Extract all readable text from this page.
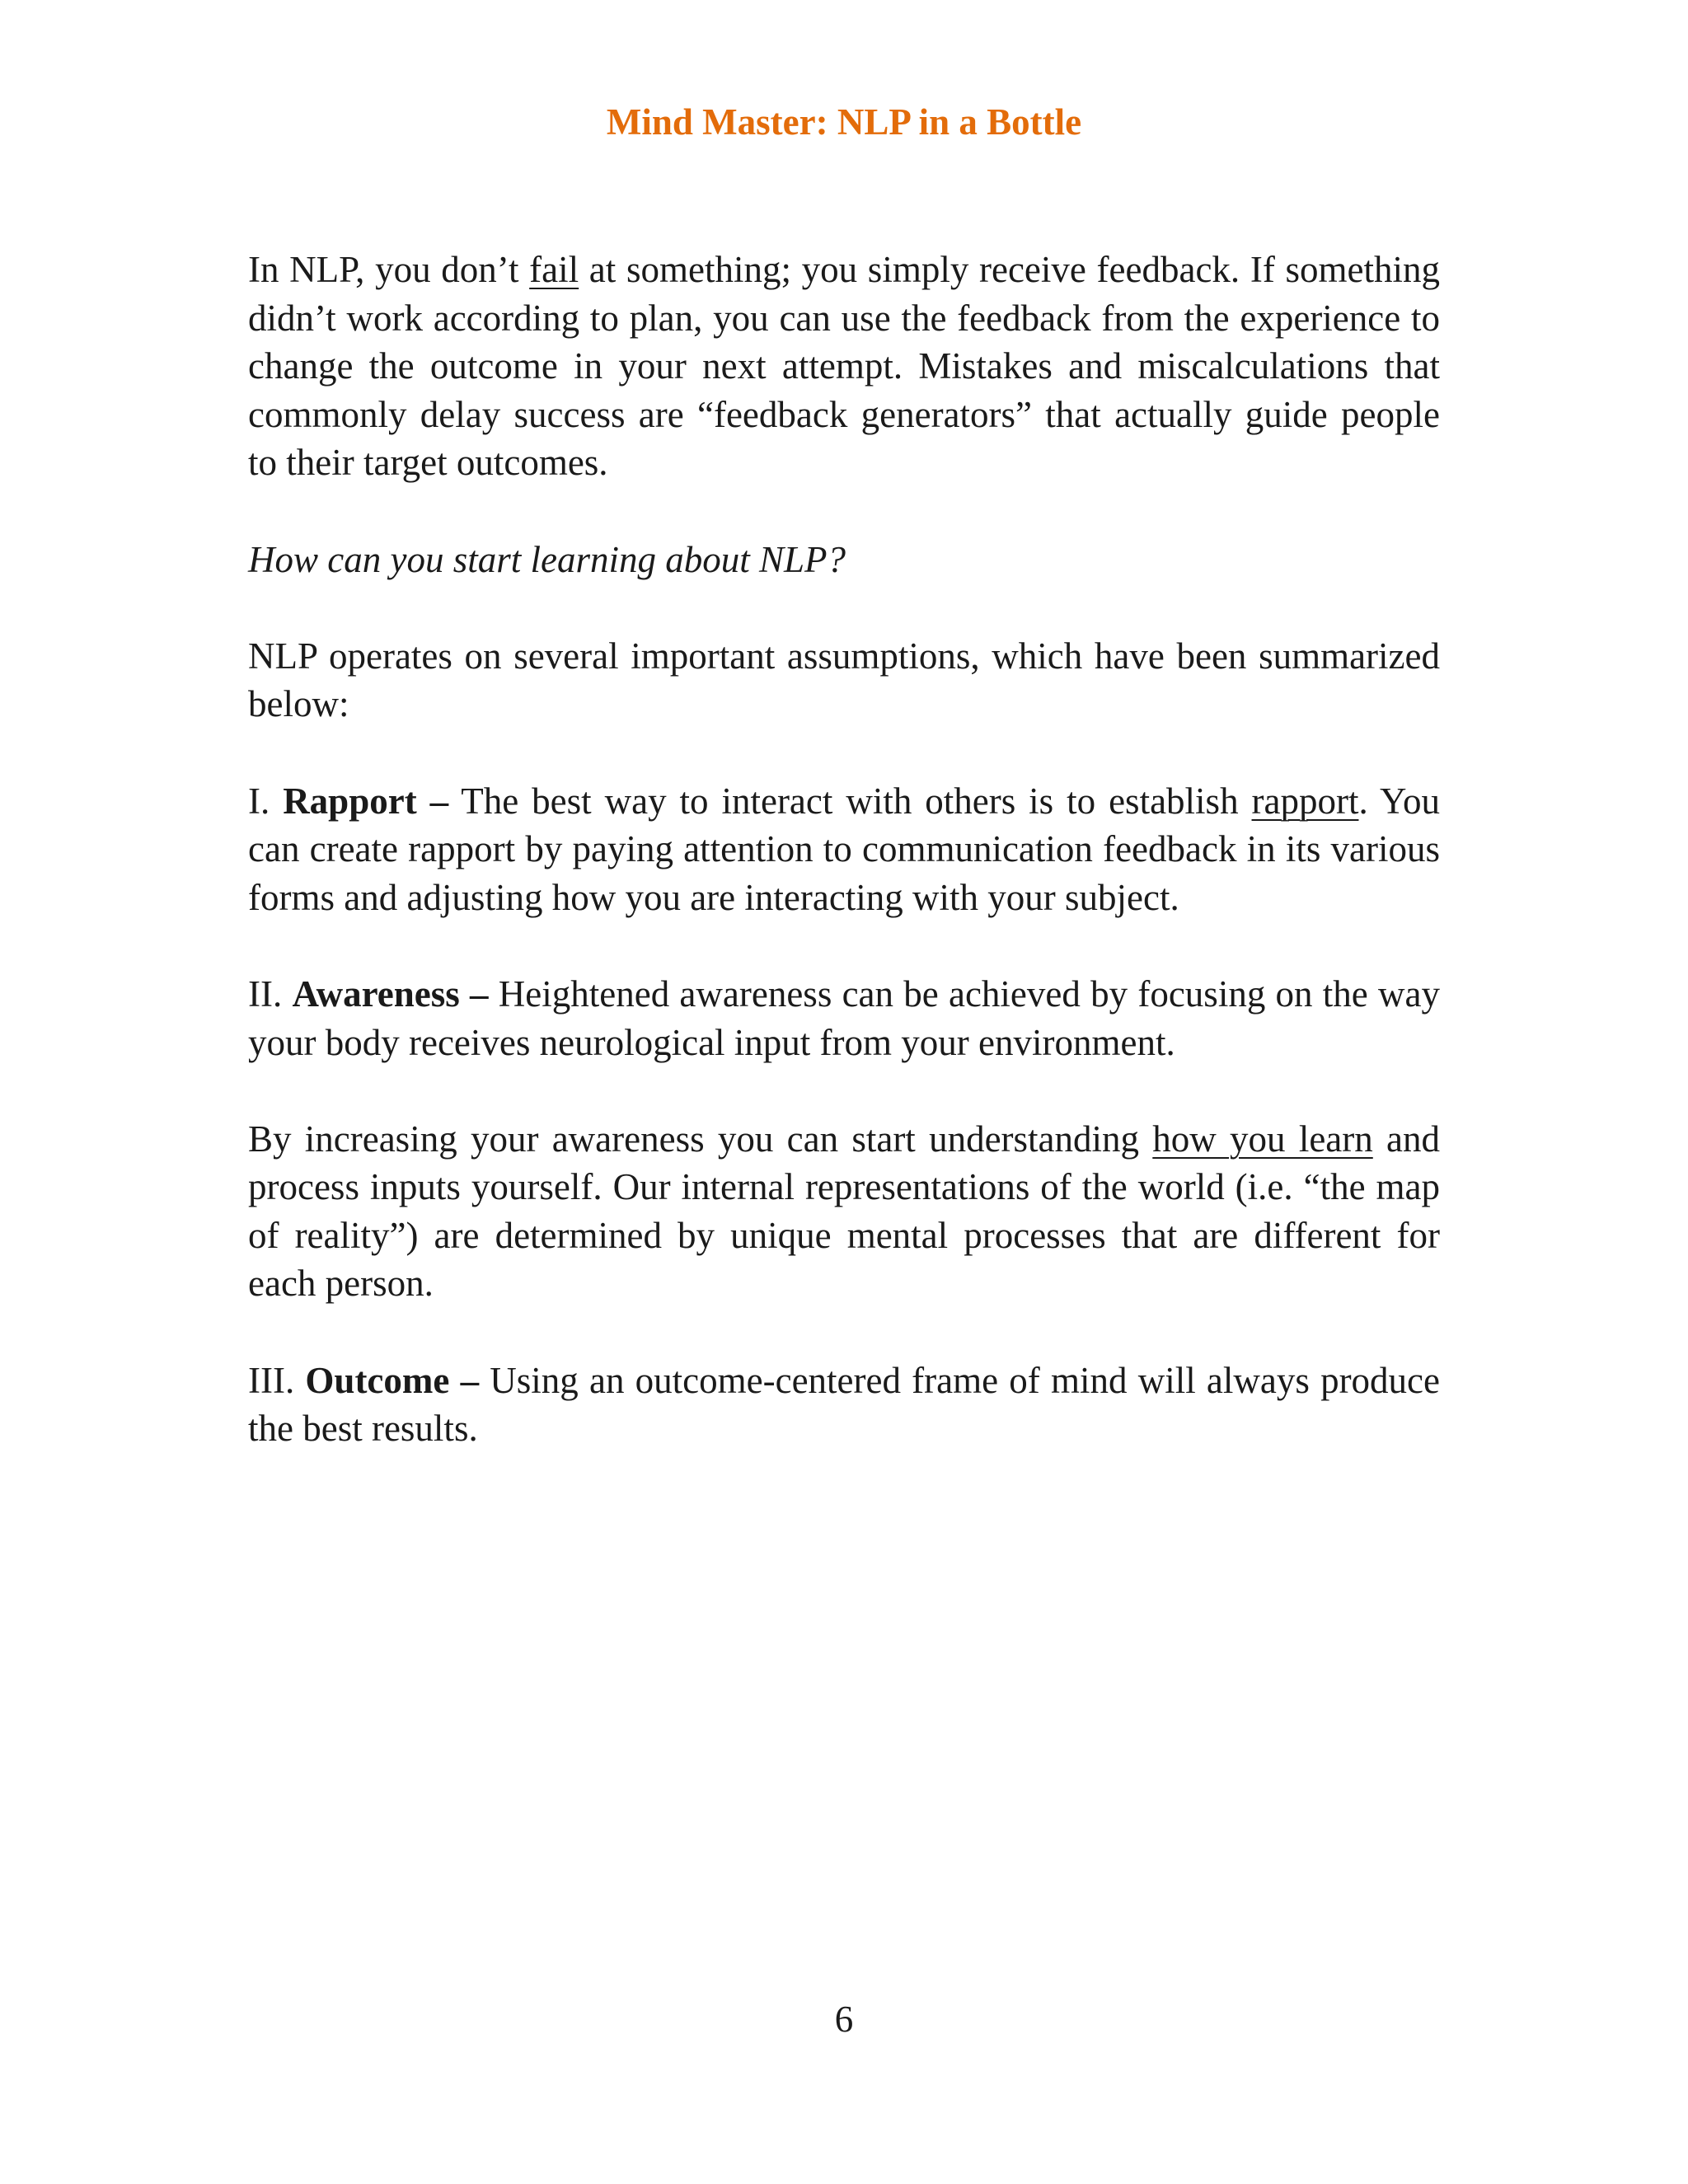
Mind Master: NLP in a Bottle

In NLP, you don’t fail at something; you simply receive feedback. If something didn’t work according to plan, you can use the feedback from the experience to change the outcome in your next attempt. Mistakes and miscalculations that commonly delay success are “feedback generators” that actually guide people to their target outcomes.

How can you start learning about NLP?

NLP operates on several important assumptions, which have been summarized below:

I. Rapport – The best way to interact with others is to establish rapport. You can create rapport by paying attention to communication feedback in its various forms and adjusting how you are interacting with your subject.

II. Awareness – Heightened awareness can be achieved by focusing on the way your body receives neurological input from your environment.

By increasing your awareness you can start understanding how you learn and process inputs yourself. Our internal representations of the world (i.e. “the map of reality”) are determined by unique mental processes that are different for each person.

III. Outcome – Using an outcome-centered frame of mind will always produce the best results.

6
